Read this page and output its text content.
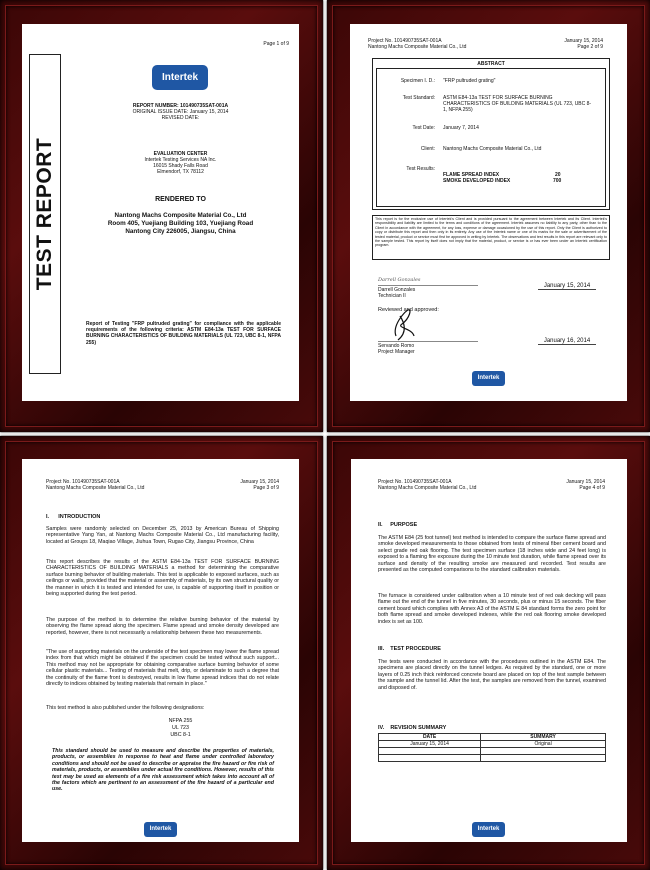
Page 1 of 9
Intertek
REPORT NUMBER: 101490735SAT-001A
ORIGINAL ISSUE DATE: January 15, 2014
REVISED DATE:
EVALUATION CENTER
Intertek Testing Services NA Inc.
16015 Shady Falls Road
Elmendorf, TX 78112
RENDERED TO
Nantong Machs Composite Material Co., Ltd
Room 405, Yuejiang Building 103, Yuejiang Road
Nantong City 226005, Jiangsu, China
Report of Testing "FRP pultruded grating" for compliance with the applicable requirements of the following criteria: ASTM E84-13a TEST FOR SURFACE BURNING CHARACTERISTICS OF BUILDING MATERIALS (UL 723, UBC 8-1, NFPA 255)
TEST REPORT
Project No. 101490735SAT-001A
Nantong Machs Composite Material Co., Ltd
January 15, 2014
Page 2 of 9
ABSTRACT
Specimen I. D.: "FRP pultruded grating"
Test Standard: ASTM E84-13a TEST FOR SURFACE BURNING CHARACTERISTICS OF BUILDING MATERIALS (UL 723, UBC 8-1, NFPA 255)
Test Date: January 7, 2014
Client: Nantong Machs Composite Material Co., Ltd
Test Results:
FLAME SPREAD INDEX	20
SMOKE DEVELOPED INDEX	700
This report is for the exclusive use of Intertek's Client and is provided pursuant to the agreement between Intertek and its Client. Intertek's responsibility and liability are limited to the terms and conditions of the agreement. Intertek assumes no liability to any party, other than to the Client in accordance with the agreement, for any loss, expense or damage occasioned by the use of this report. Only the Client is authorized to copy or distribute this report and then only in its entirety. Any use of the Intertek name or one of its marks for the sale or advertisement of the tested material, product or service must first be approved in writing by Intertek. The observations and test results in this report are relevant only to the sample tested. This report by itself does not imply that the material, product, or service is or has ever been under an Intertek certification program.
Darrell Gonzales
Darrell Gonzales
Technician II
January 15, 2014
Reviewed and approved:
Servando Romo
Project Manager
January 16, 2014
Intertek
Project No. 101490735SAT-001A
Nantong Machs Composite Material Co., Ltd
January 15, 2014
Page 3 of 9
I.      INTRODUCTION
Samples were randomly selected on December 25, 2013 by American Bureau of Shipping representative Yang Yan, at Nantong Machs Composite Material Co., Ltd manufacturing facility, located at Groups 18, Maqiao Village, Jiuhua Town, Rugao City, Jiangsu Province, China
This report describes the results of the ASTM E84-13a TEST FOR SURFACE BURNING CHARACTERISTICS OF BUILDING MATERIALS a method for determining the comparative surface burning behavior of building materials. This test is applicable to exposed surfaces, such as ceilings or walls, provided that the material or assembly of materials, by its own structural quality or the manner in which it is tested and intended for use, is capable of supporting itself in position or being supported during the test period.
The purpose of the method is to determine the relative burning behavior of the material by observing the flame spread along the specimen. Flame spread and smoke density developed are reported, however, there is not necessarily a relationship between these two measurements.
"The use of supporting materials on the underside of the test specimen may lower the flame spread index from that which might be obtained if the specimen could be tested without such support... This method may not be appropriate for obtaining comparative surface burning behavior of some cellular plastic materials... Testing of materials that melt, drip, or delaminate to such a degree that the continuity of the flame front is destroyed, results in low flame spread indices that do not relate directly to indices obtained by testing materials that remain in place."
This test method is also published under the following designations:
NFPA 255
UL 723
UBC 8-1
This standard should be used to measure and describe the properties of materials, products, or assemblies in response to heat and flame under controlled laboratory conditions and should not be used to describe or appraise the fire hazard or fire risk of materials, products, or assemblies under actual fire conditions. However, results of this test may be used as elements of a fire risk assessment which takes into account all of the factors which are pertinent to an assessment of the fire hazard of a particular end use.
Intertek
Project No. 101490735SAT-001A
Nantong Machs Composite Material Co., Ltd
January 15, 2014
Page 4 of 9
II.     PURPOSE
The ASTM E84 (25 foot tunnel) test method is intended to compare the surface flame spread and smoke developed measurements to those obtained from tests of mineral fiber cement board and select grade red oak flooring. The test specimen surface (18 inches wide and 24 feet long) is exposed to a flaming fire exposure during the 10 minute test duration, while flame spread over its surface and density of the resulting smoke are measured and recorded. Test results are presented as the computed comparisons to the standard calibration materials.
The furnace is considered under calibration when a 10 minute test of red oak decking will pass flame out the end of the tunnel in five minutes, 30 seconds, plus or minus 15 seconds. The fiber cement board which complies with Annex A3 of the ASTM E 84 standard forms the zero point for both flame spread and smoke developed indexes, while the red oak flooring smoke developed index is set as 100.
III.    TEST PROCEDURE
The tests were conducted in accordance with the procedures outlined in the ASTM E84. The specimens are placed directly on the tunnel ledges. As required by the standard, one or more layers of 0.25 inch thick reinforced concrete board are placed on top of the test sample between the sample and the tunnel lid. After the test, the samples are removed from the tunnel, examined and disposed of.
IV.    REVISION SUMMARY
DATE	SUMMARY
January 15, 2014	Original

Intertek
